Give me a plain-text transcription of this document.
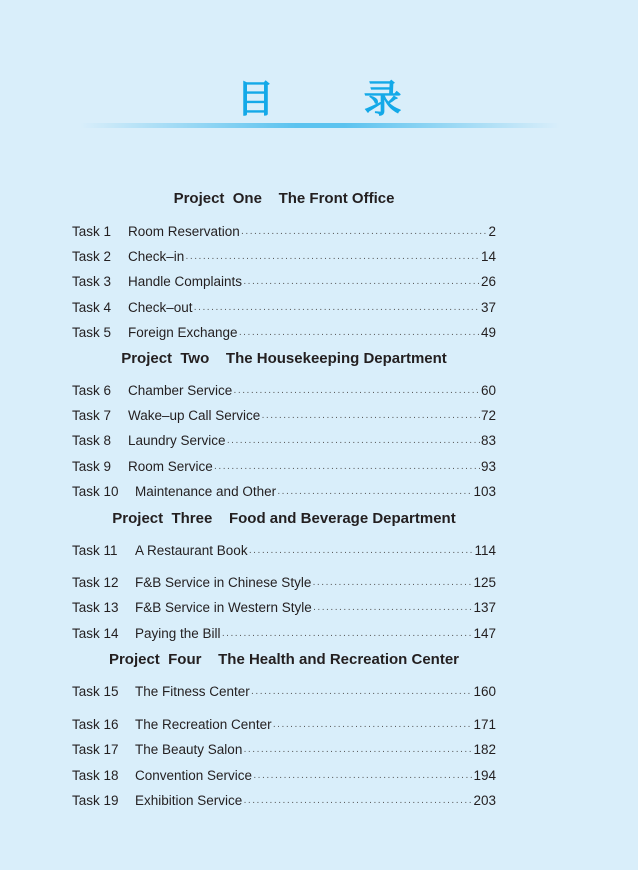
目 录
Project  One    The Front Office
Task 1	Room Reservation ·····	2
Task 2	Check–in ·····	14
Task 3	Handle Complaints ·····	26
Task 4	Check–out ·····	37
Task 5	Foreign Exchange ·····	49
Project  Two    The Housekeeping Department
Task 6	Chamber Service ·····	60
Task 7	Wake–up Call Service ·····	72
Task 8	Laundry Service ·····	83
Task 9	Room Service ·····	93
Task 10	Maintenance and Other ·····	103
Project  Three    Food and Beverage Department
Task 11	A Restaurant Book ·····	114
Task 12	F&B Service in Chinese Style ·····	125
Task 13	F&B Service in Western Style ·····	137
Task 14	Paying the Bill ·····	147
Project  Four    The Health and Recreation Center
Task 15	The Fitness Center ·····	160
Task 16	The Recreation Center ·····	171
Task 17	The Beauty Salon ·····	182
Task 18	Convention Service ·····	194
Task 19	Exhibition Service ·····	203
